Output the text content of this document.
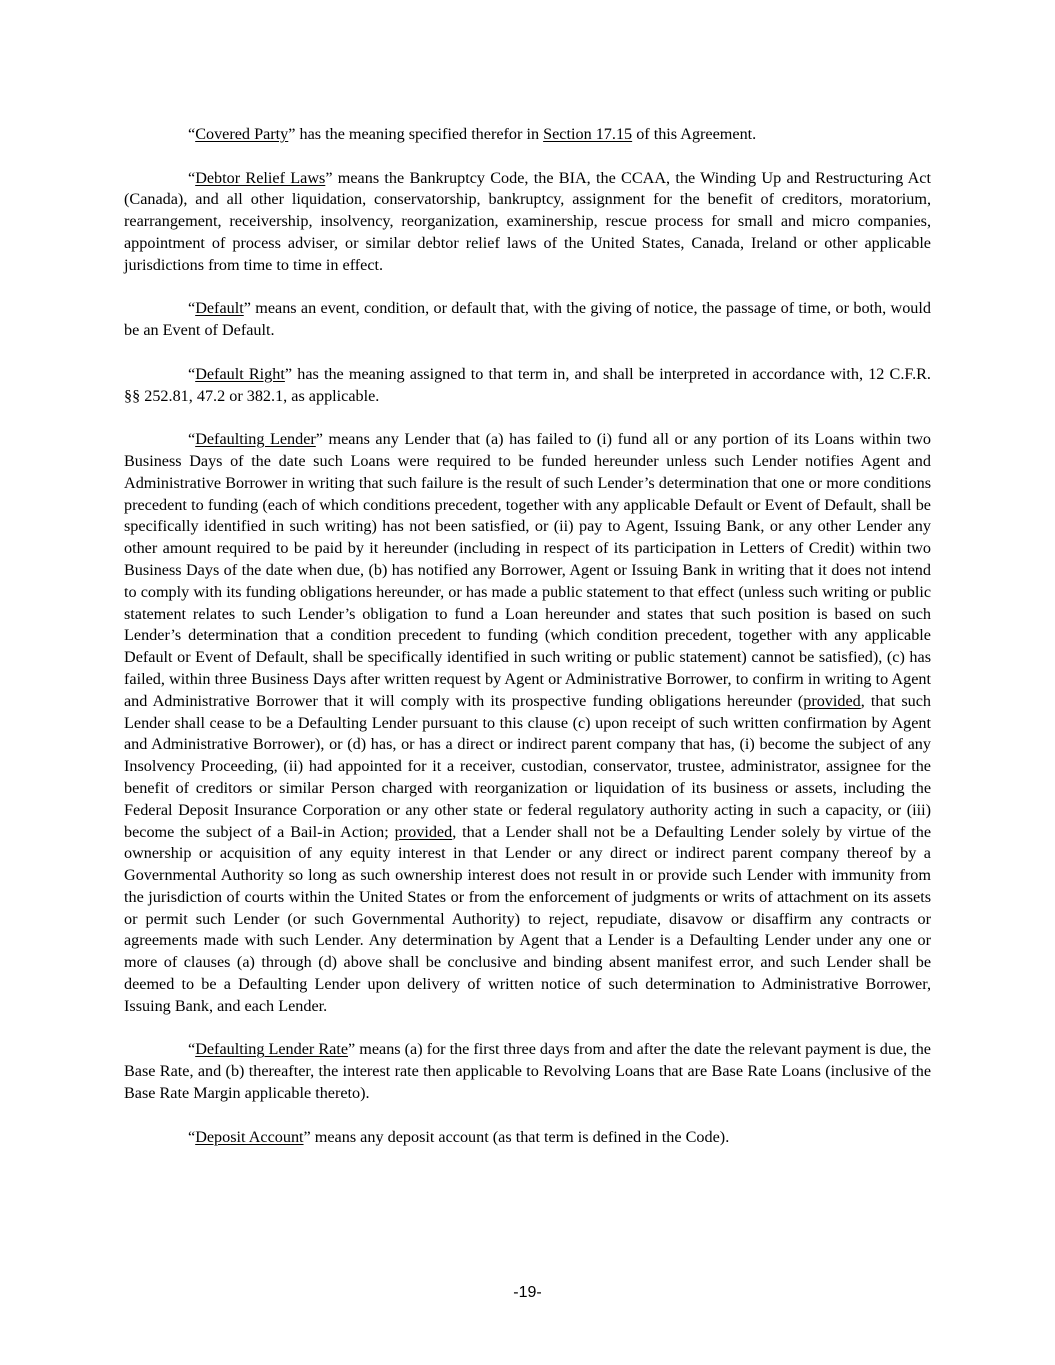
“Covered Party” has the meaning specified therefor in Section 17.15 of this Agreement.

“Debtor Relief Laws” means the Bankruptcy Code, the BIA, the CCAA, the Winding Up and Restructuring Act (Canada), and all other liquidation, conservatorship, bankruptcy, assignment for the benefit of creditors, moratorium, rearrangement, receivership, insolvency, reorganization, examinership, rescue process for small and micro companies, appointment of process adviser, or similar debtor relief laws of the United States, Canada, Ireland or other applicable jurisdictions from time to time in effect.

“Default” means an event, condition, or default that, with the giving of notice, the passage of time, or both, would be an Event of Default.

“Default Right” has the meaning assigned to that term in, and shall be interpreted in accordance with, 12 C.F.R. §§ 252.81, 47.2 or 382.1, as applicable.

“Defaulting Lender” means any Lender that (a) has failed to (i) fund all or any portion of its Loans within two Business Days of the date such Loans were required to be funded hereunder unless such Lender notifies Agent and Administrative Borrower in writing that such failure is the result of such Lender’s determination that one or more conditions precedent to funding (each of which conditions precedent, together with any applicable Default or Event of Default, shall be specifically identified in such writing) has not been satisfied, or (ii) pay to Agent, Issuing Bank, or any other Lender any other amount required to be paid by it hereunder (including in respect of its participation in Letters of Credit) within two Business Days of the date when due, (b) has notified any Borrower, Agent or Issuing Bank in writing that it does not intend to comply with its funding obligations hereunder, or has made a public statement to that effect (unless such writing or public statement relates to such Lender’s obligation to fund a Loan hereunder and states that such position is based on such Lender’s determination that a condition precedent to funding (which condition precedent, together with any applicable Default or Event of Default, shall be specifically identified in such writing or public statement) cannot be satisfied), (c) has failed, within three Business Days after written request by Agent or Administrative Borrower, to confirm in writing to Agent and Administrative Borrower that it will comply with its prospective funding obligations hereunder (provided, that such Lender shall cease to be a Defaulting Lender pursuant to this clause (c) upon receipt of such written confirmation by Agent and Administrative Borrower), or (d) has, or has a direct or indirect parent company that has, (i) become the subject of any Insolvency Proceeding, (ii) had appointed for it a receiver, custodian, conservator, trustee, administrator, assignee for the benefit of creditors or similar Person charged with reorganization or liquidation of its business or assets, including the Federal Deposit Insurance Corporation or any other state or federal regulatory authority acting in such a capacity, or (iii) become the subject of a Bail-in Action; provided, that a Lender shall not be a Defaulting Lender solely by virtue of the ownership or acquisition of any equity interest in that Lender or any direct or indirect parent company thereof by a Governmental Authority so long as such ownership interest does not result in or provide such Lender with immunity from the jurisdiction of courts within the United States or from the enforcement of judgments or writs of attachment on its assets or permit such Lender (or such Governmental Authority) to reject, repudiate, disavow or disaffirm any contracts or agreements made with such Lender. Any determination by Agent that a Lender is a Defaulting Lender under any one or more of clauses (a) through (d) above shall be conclusive and binding absent manifest error, and such Lender shall be deemed to be a Defaulting Lender upon delivery of written notice of such determination to Administrative Borrower, Issuing Bank, and each Lender.

“Defaulting Lender Rate” means (a) for the first three days from and after the date the relevant payment is due, the Base Rate, and (b) thereafter, the interest rate then applicable to Revolving Loans that are Base Rate Loans (inclusive of the Base Rate Margin applicable thereto).

“Deposit Account” means any deposit account (as that term is defined in the Code).

-19-
